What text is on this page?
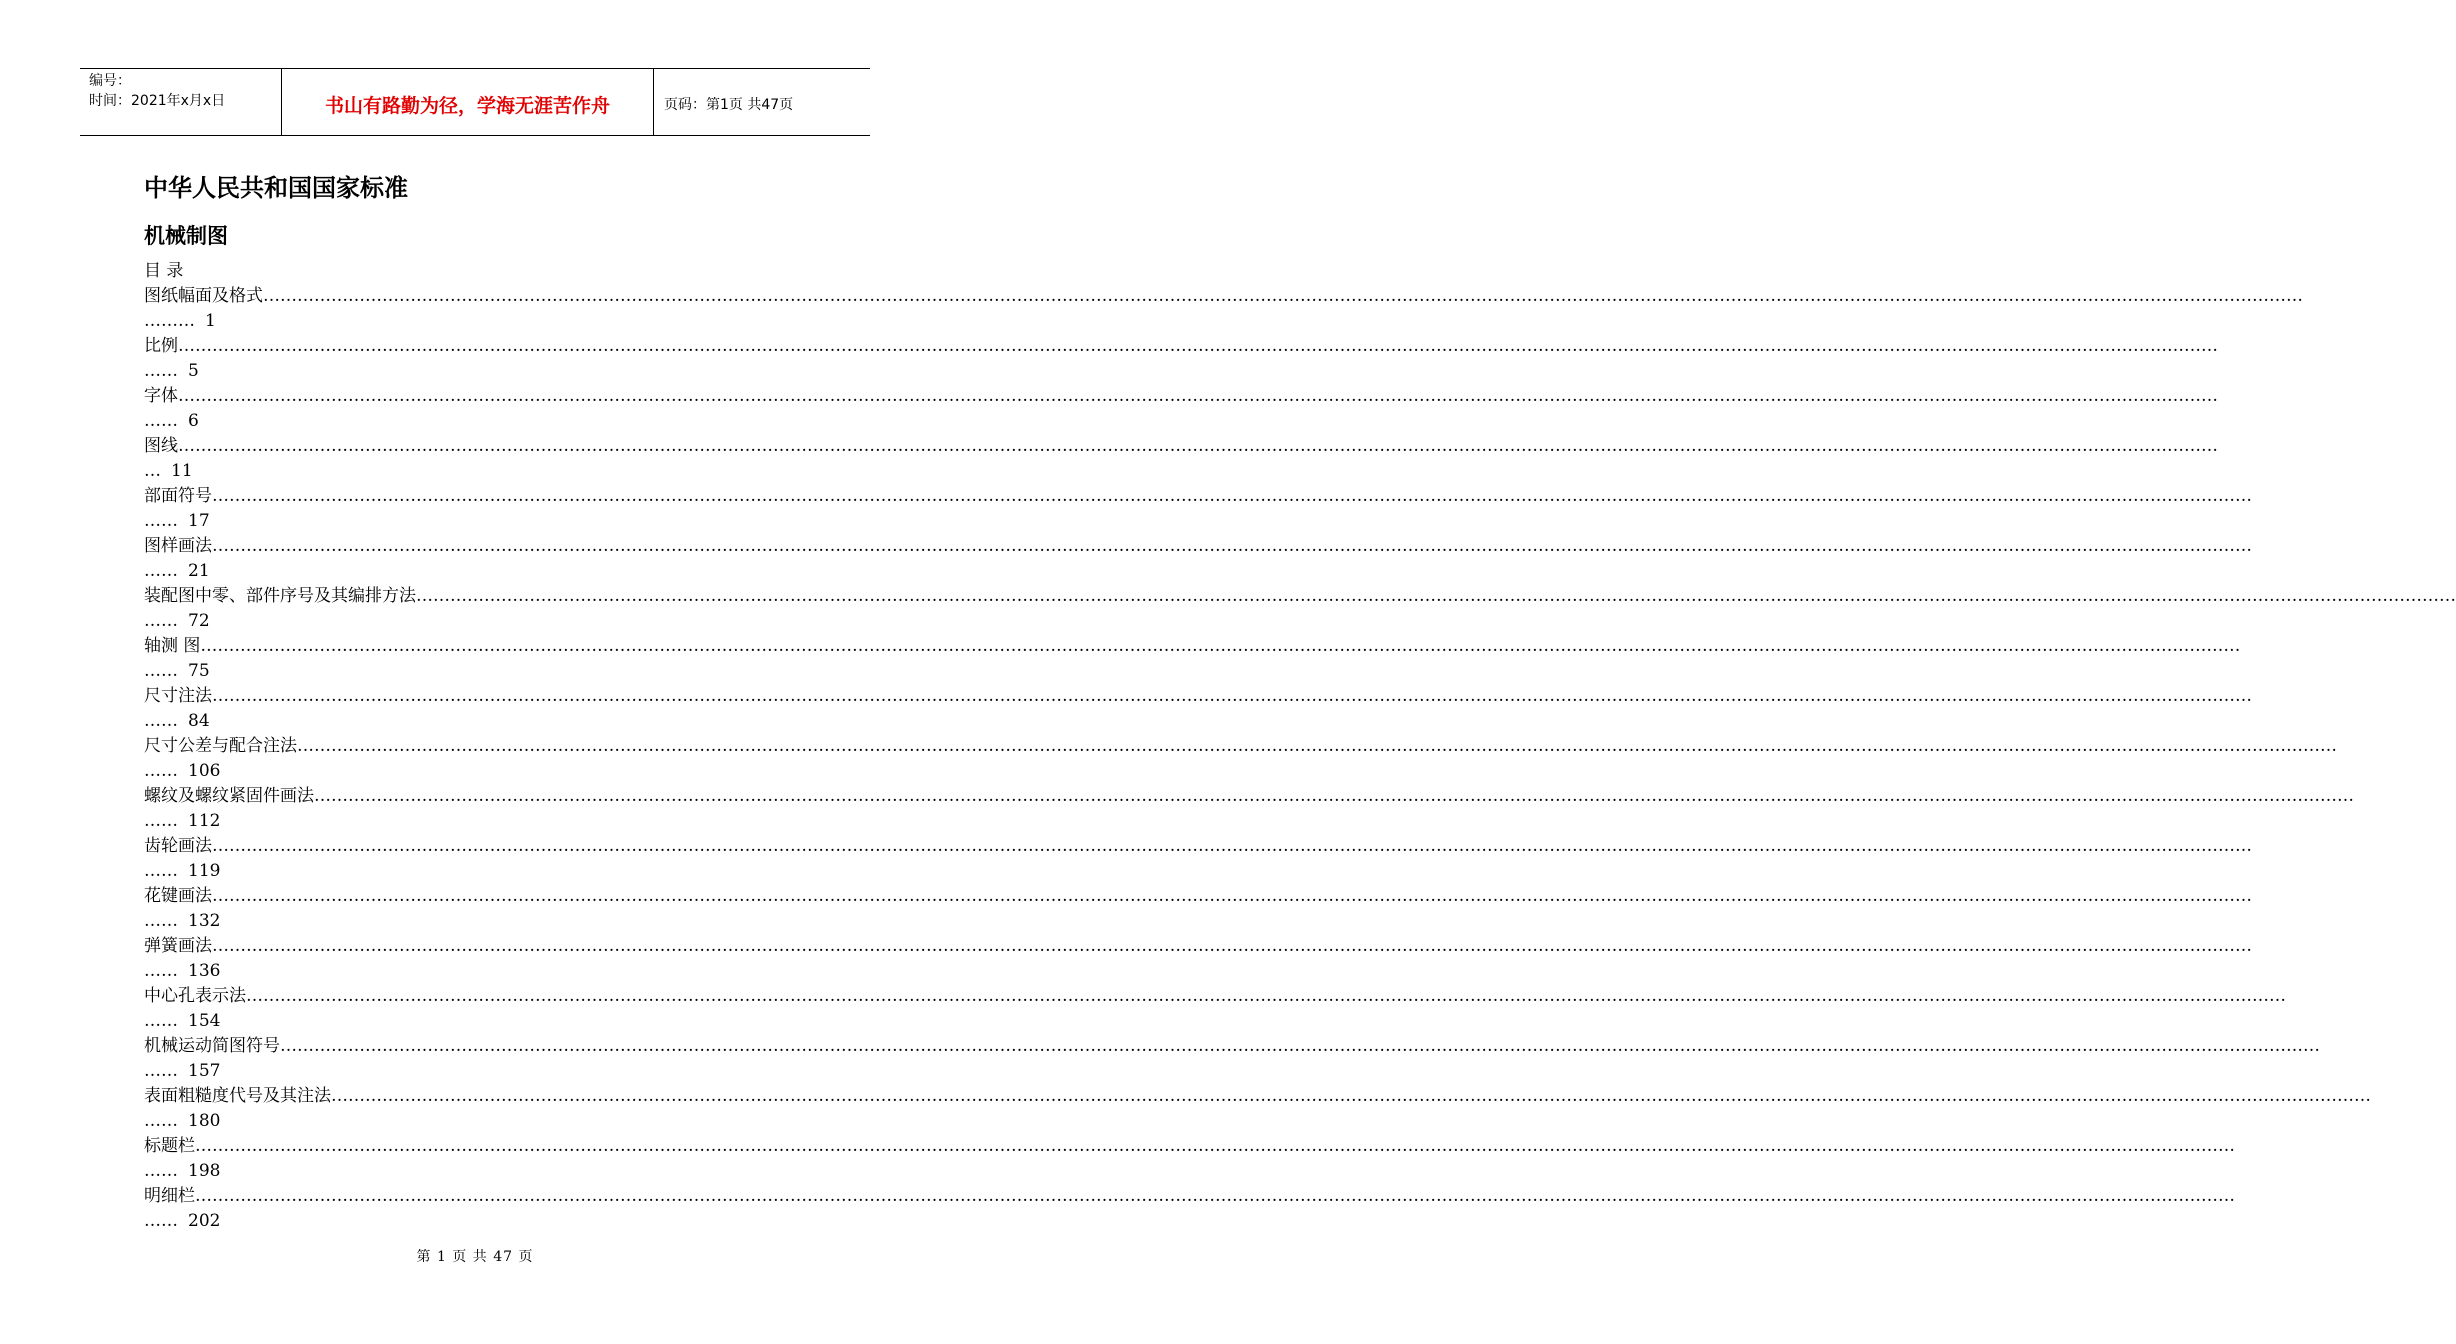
编号：
时间：2021年x月x日	书山有路勤为径，学海无涯苦作舟	页码：第1页 共47页
中华人民共和国国家标准
机械制图
目 录
图纸幅面及格式 ………………………………………………………………………………………………………………………………………………………………………………………………………………………………………………………………………………………………………………………………
……… 1
比例 ………………………………………………………………………………………………………………………………………………………………………………………………………………………………………………………………………………………………………………………………
…… 5
字体 ………………………………………………………………………………………………………………………………………………………………………………………………………………………………………………………………………………………………………………………………
…… 6
图线 ………………………………………………………………………………………………………………………………………………………………………………………………………………………………………………………………………………………………………………………………
… 11
部面符号 ………………………………………………………………………………………………………………………………………………………………………………………………………………………………………………………………………………………………………………………………
…… 17
图样画法 ………………………………………………………………………………………………………………………………………………………………………………………………………………………………………………………………………………………………………………………………
…… 21
装配图中零、部件序号及其编排方法 ………………………………………………………………………………………………………………………………………………………………………………………………………………………………………………………………………………………………………………………………
…… 72
轴测 图 ………………………………………………………………………………………………………………………………………………………………………………………………………………………………………………………………………………………………………………………………
…… 75
尺寸注法 ………………………………………………………………………………………………………………………………………………………………………………………………………………………………………………………………………………………………………………………………
…… 84
尺寸公差与配合注法 ………………………………………………………………………………………………………………………………………………………………………………………………………………………………………………………………………………………………………………………………
…… 106
螺纹及螺纹紧固件画法 ………………………………………………………………………………………………………………………………………………………………………………………………………………………………………………………………………………………………………………………………
…… 112
齿轮画法 ………………………………………………………………………………………………………………………………………………………………………………………………………………………………………………………………………………………………………………………………
…… 119
花键画法 ………………………………………………………………………………………………………………………………………………………………………………………………………………………………………………………………………………………………………………………………
…… 132
弹簧画法 ………………………………………………………………………………………………………………………………………………………………………………………………………………………………………………………………………………………………………………………………
…… 136
中心孔表示法 ………………………………………………………………………………………………………………………………………………………………………………………………………………………………………………………………………………………………………………………………
…… 154
机械运动简图符号 ………………………………………………………………………………………………………………………………………………………………………………………………………………………………………………………………………………………………………………………………
…… 157
表面粗糙度代号及其注法 ………………………………………………………………………………………………………………………………………………………………………………………………………………………………………………………………………………………………………………………………
…… 180
标题栏 ………………………………………………………………………………………………………………………………………………………………………………………………………………………………………………………………………………………………………………………………
…… 198
明细栏 ………………………………………………………………………………………………………………………………………………………………………………………………………………………………………………………………………………………………………………………………
…… 202
第 1 页 共 47 页
